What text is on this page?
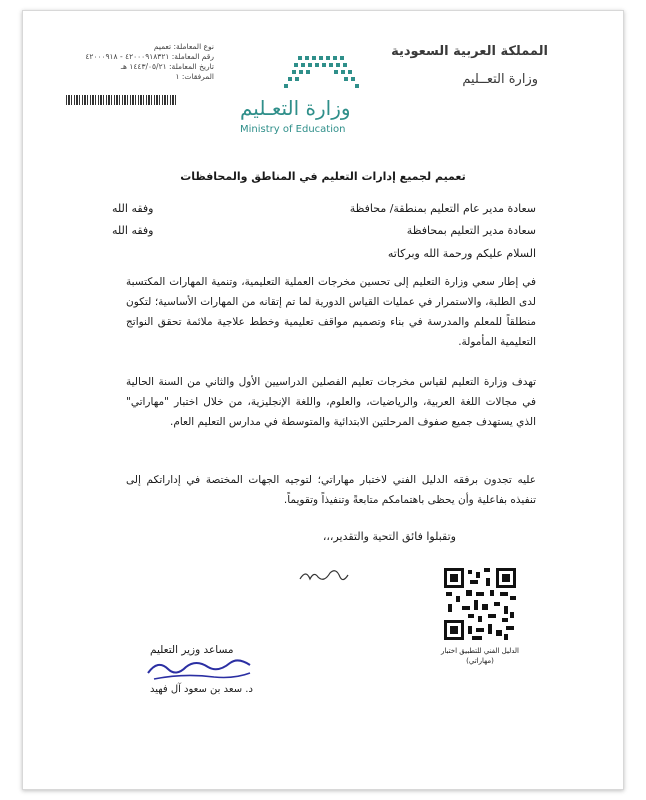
المملكة العربية السعودية
وزارة التعــليم
وزارة التعـليم
Ministry of Education
نوع المعاملة: تعميم
رقم المعاملة: ٤٢٠٠٠٩١٨٣٢١ - ٤٢٠٠٠٩١٨
تاريخ المعاملة: ١٤٤٣/٠٥/٢١ هـ
المرفقات: ١
تعميم لجميع إدارات التعليم في المناطق والمحافظات
سعادة مدير عام التعليم بمنطقة/ محافظة
وفقه الله
سعادة مدير التعليم بمحافظة
وفقه الله
السلام عليكم ورحمة الله وبركاته
في إطار سعي وزارة التعليم إلى تحسين مخرجات العملية التعليمية، وتنمية المهارات المكتسبة لدى الطلبة، والاستمرار في عمليات القياس الدورية لما تم إتقانه من المهارات الأساسية؛ لتكون منطلقاً للمعلم والمدرسة في بناء وتصميم مواقف تعليمية وخطط علاجية ملائمة تحقق النواتج التعليمية المأمولة.
تهدف وزارة التعليم لقياس مخرجات تعليم الفصلين الدراسيين الأول والثاني من السنة الحالية في مجالات اللغة العربية، والرياضيات، والعلوم، واللغة الإنجليزية، من خلال اختبار "مهاراتي" الذي يستهدف جميع صفوف المرحلتين الابتدائية والمتوسطة في مدارس التعليم العام.
عليه تجدون برفقه الدليل الفني لاختبار مهاراتي؛ لتوجيه الجهات المختصة في إداراتكم إلى تنفيذه بفاعلية وأن يحظى باهتمامكم متابعةً وتنفيذاً وتقويماً.
وتقبلوا فائق التحية والتقدير،،،
الدليل الفني للتطبيق اختبار (مهاراتي)
مساعد وزير التعليم
د. سعد بن سعود آل فهيد
